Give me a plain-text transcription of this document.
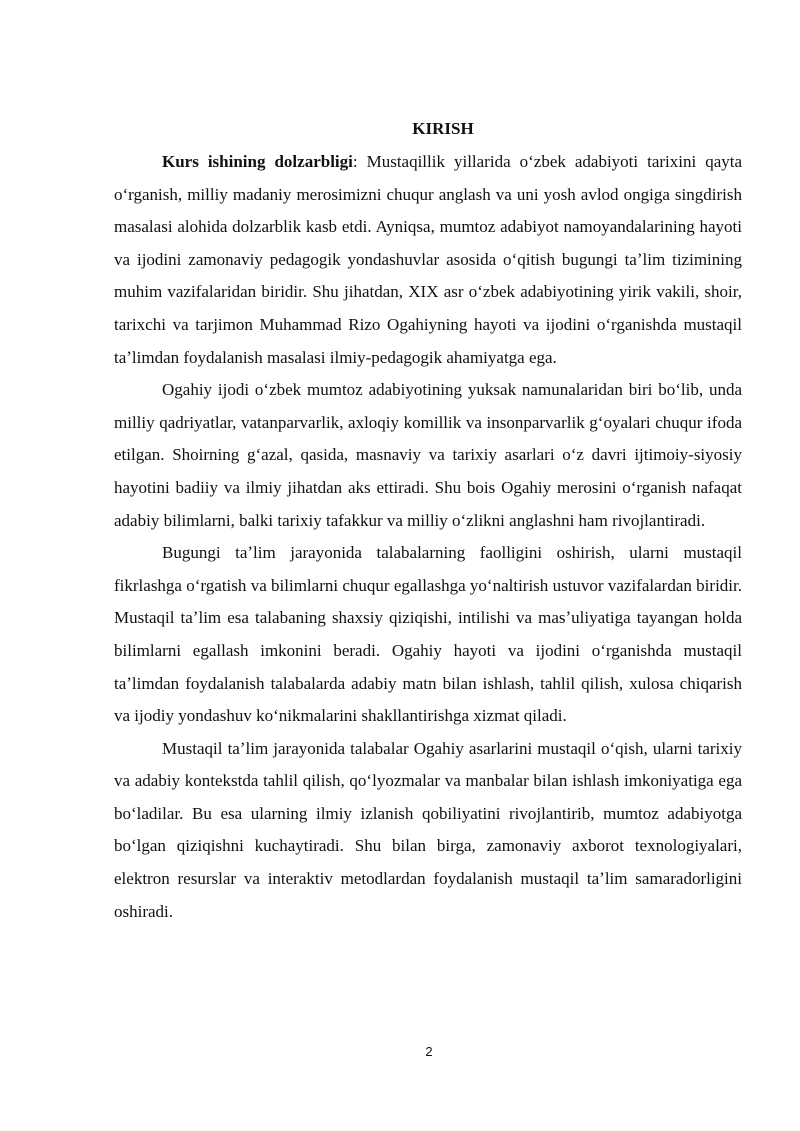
KIRISH

Kurs ishining dolzarbligi: Mustaqillik yillarida oʻzbek adabiyoti tarixini qayta oʻrganish, milliy madaniy merosimizni chuqur anglash va uni yosh avlod ongiga singdirish masalasi alohida dolzarblik kasb etdi. Ayniqsa, mumtoz adabiyot namoyandalarining hayoti va ijodini zamonaviy pedagogik yondashuvlar asosida oʻqitish bugungi taʼlim tizimining muhim vazifalaridan biridir. Shu jihatdan, XIX asr oʻzbek adabiyotining yirik vakili, shoir, tarixchi va tarjimon Muhammad Rizo Ogahiyning hayoti va ijodini oʻrganishda mustaqil taʼlimdan foydalanish masalasi ilmiy-pedagogik ahamiyatga ega.

Ogahiy ijodi oʻzbek mumtoz adabiyotining yuksak namunalaridan biri boʻlib, unda milliy qadriyatlar, vatanparvarlik, axloqiy komillik va insonparvarlik gʻoyalari chuqur ifoda etilgan. Shoirning gʻazal, qasida, masnaviy va tarixiy asarlari oʻz davri ijtimoiy-siyosiy hayotini badiiy va ilmiy jihatdan aks ettiradi. Shu bois Ogahiy merosini oʻrganish nafaqat adabiy bilimlarni, balki tarixiy tafakkur va milliy oʻzlikni anglashni ham rivojlantiradi.

Bugungi taʼlim jarayonida talabalarning faolligini oshirish, ularni mustaqil fikrlashga oʻrgatish va bilimlarni chuqur egallashga yoʻnaltirish ustuvor vazifalardan biridir. Mustaqil taʼlim esa talabaning shaxsiy qiziqishi, intilishi va masʼuliyatiga tayangan holda bilimlarni egallash imkonini beradi. Ogahiy hayoti va ijodini oʻrganishda mustaqil taʼlimdan foydalanish talabalarda adabiy matn bilan ishlash, tahlil qilish, xulosa chiqarish va ijodiy yondashuv koʻnikmalarini shakllantirishga xizmat qiladi.

Mustaqil taʼlim jarayonida talabalar Ogahiy asarlarini mustaqil oʻqish, ularni tarixiy va adabiy kontekstda tahlil qilish, qoʻlyozmalar va manbalar bilan ishlash imkoniyatiga ega boʻladilar. Bu esa ularning ilmiy izlanish qobiliyatini rivojlantirib, mumtoz adabiyotga boʻlgan qiziqishni kuchaytiradi. Shu bilan birga, zamonaviy axborot texnologiyalari, elektron resurslar va interaktiv metodlardan foydalanish mustaqil taʼlim samaradorligini oshiradi.

2
